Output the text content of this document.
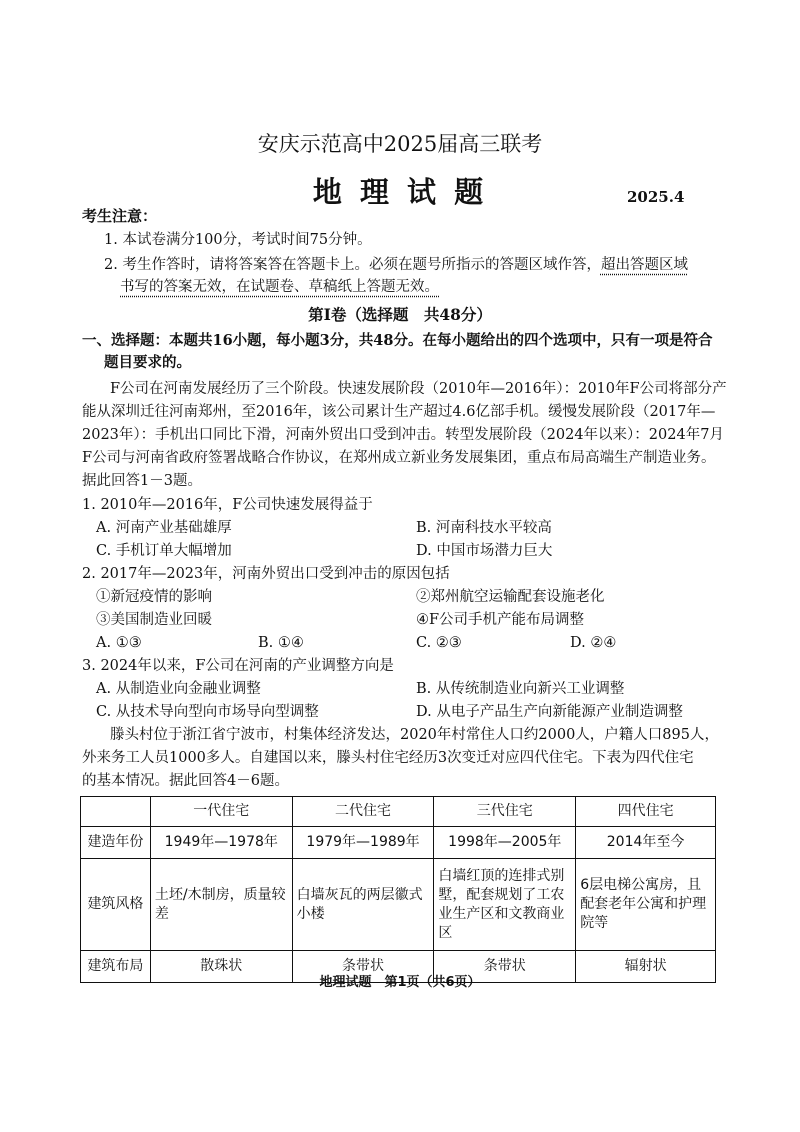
安庆示范高中2025届高三联考
地 理 试 题	2025.4
考生注意：
1. 本试卷满分100分，考试时间75分钟。
2. 考生作答时，请将答案答在答题卡上。必须在题号所指示的答题区域作答，超出答题区域
书写的答案无效，在试题卷、草稿纸上答题无效。
第Ⅰ卷（选择题　共48分）
一、选择题：本题共16小题，每小题3分，共48分。在每小题给出的四个选项中，只有一项是符合
题目要求的。
F公司在河南发展经历了三个阶段。快速发展阶段（2010年—2016年）：2010年F公司将部分产
能从深圳迁往河南郑州，至2016年，该公司累计生产超过4.6亿部手机。缓慢发展阶段（2017年—
2023年）：手机出口同比下滑，河南外贸出口受到冲击。转型发展阶段（2024年以来）：2024年7月
F公司与河南省政府签署战略合作协议，在郑州成立新业务发展集团，重点布局高端生产制造业务。
据此回答1－3题。
1. 2010年—2016年，F公司快速发展得益于
A. 河南产业基础雄厚	B. 河南科技水平较高
C. 手机订单大幅增加	D. 中国市场潜力巨大
2. 2017年—2023年，河南外贸出口受到冲击的原因包括
①新冠疫情的影响	②郑州航空运输配套设施老化
③美国制造业回暖	④F公司手机产能布局调整
A. ①③	B. ①④	C. ②③	D. ②④
3. 2024年以来，F公司在河南的产业调整方向是
A. 从制造业向金融业调整	B. 从传统制造业向新兴工业调整
C. 从技术导向型向市场导向型调整	D. 从电子产品生产向新能源产业制造调整
滕头村位于浙江省宁波市，村集体经济发达，2020年村常住人口约2000人，户籍人口895人，
外来务工人员1000多人。自建国以来，滕头村住宅经历3次变迁对应四代住宅。下表为四代住宅
的基本情况。据此回答4－6题。
	一代住宅	二代住宅	三代住宅	四代住宅
建造年份	1949年—1978年	1979年—1989年	1998年—2005年	2014年至今
建筑风格	土坯/木制房，质量较差	白墙灰瓦的两层徽式小楼	白墙红顶的连排式别墅，配套规划了工农业生产区和文教商业区	6层电梯公寓房，且配套老年公寓和护理院等
建筑布局	散珠状	条带状	条带状	辐射状
地理试题　第1页（共6页）
